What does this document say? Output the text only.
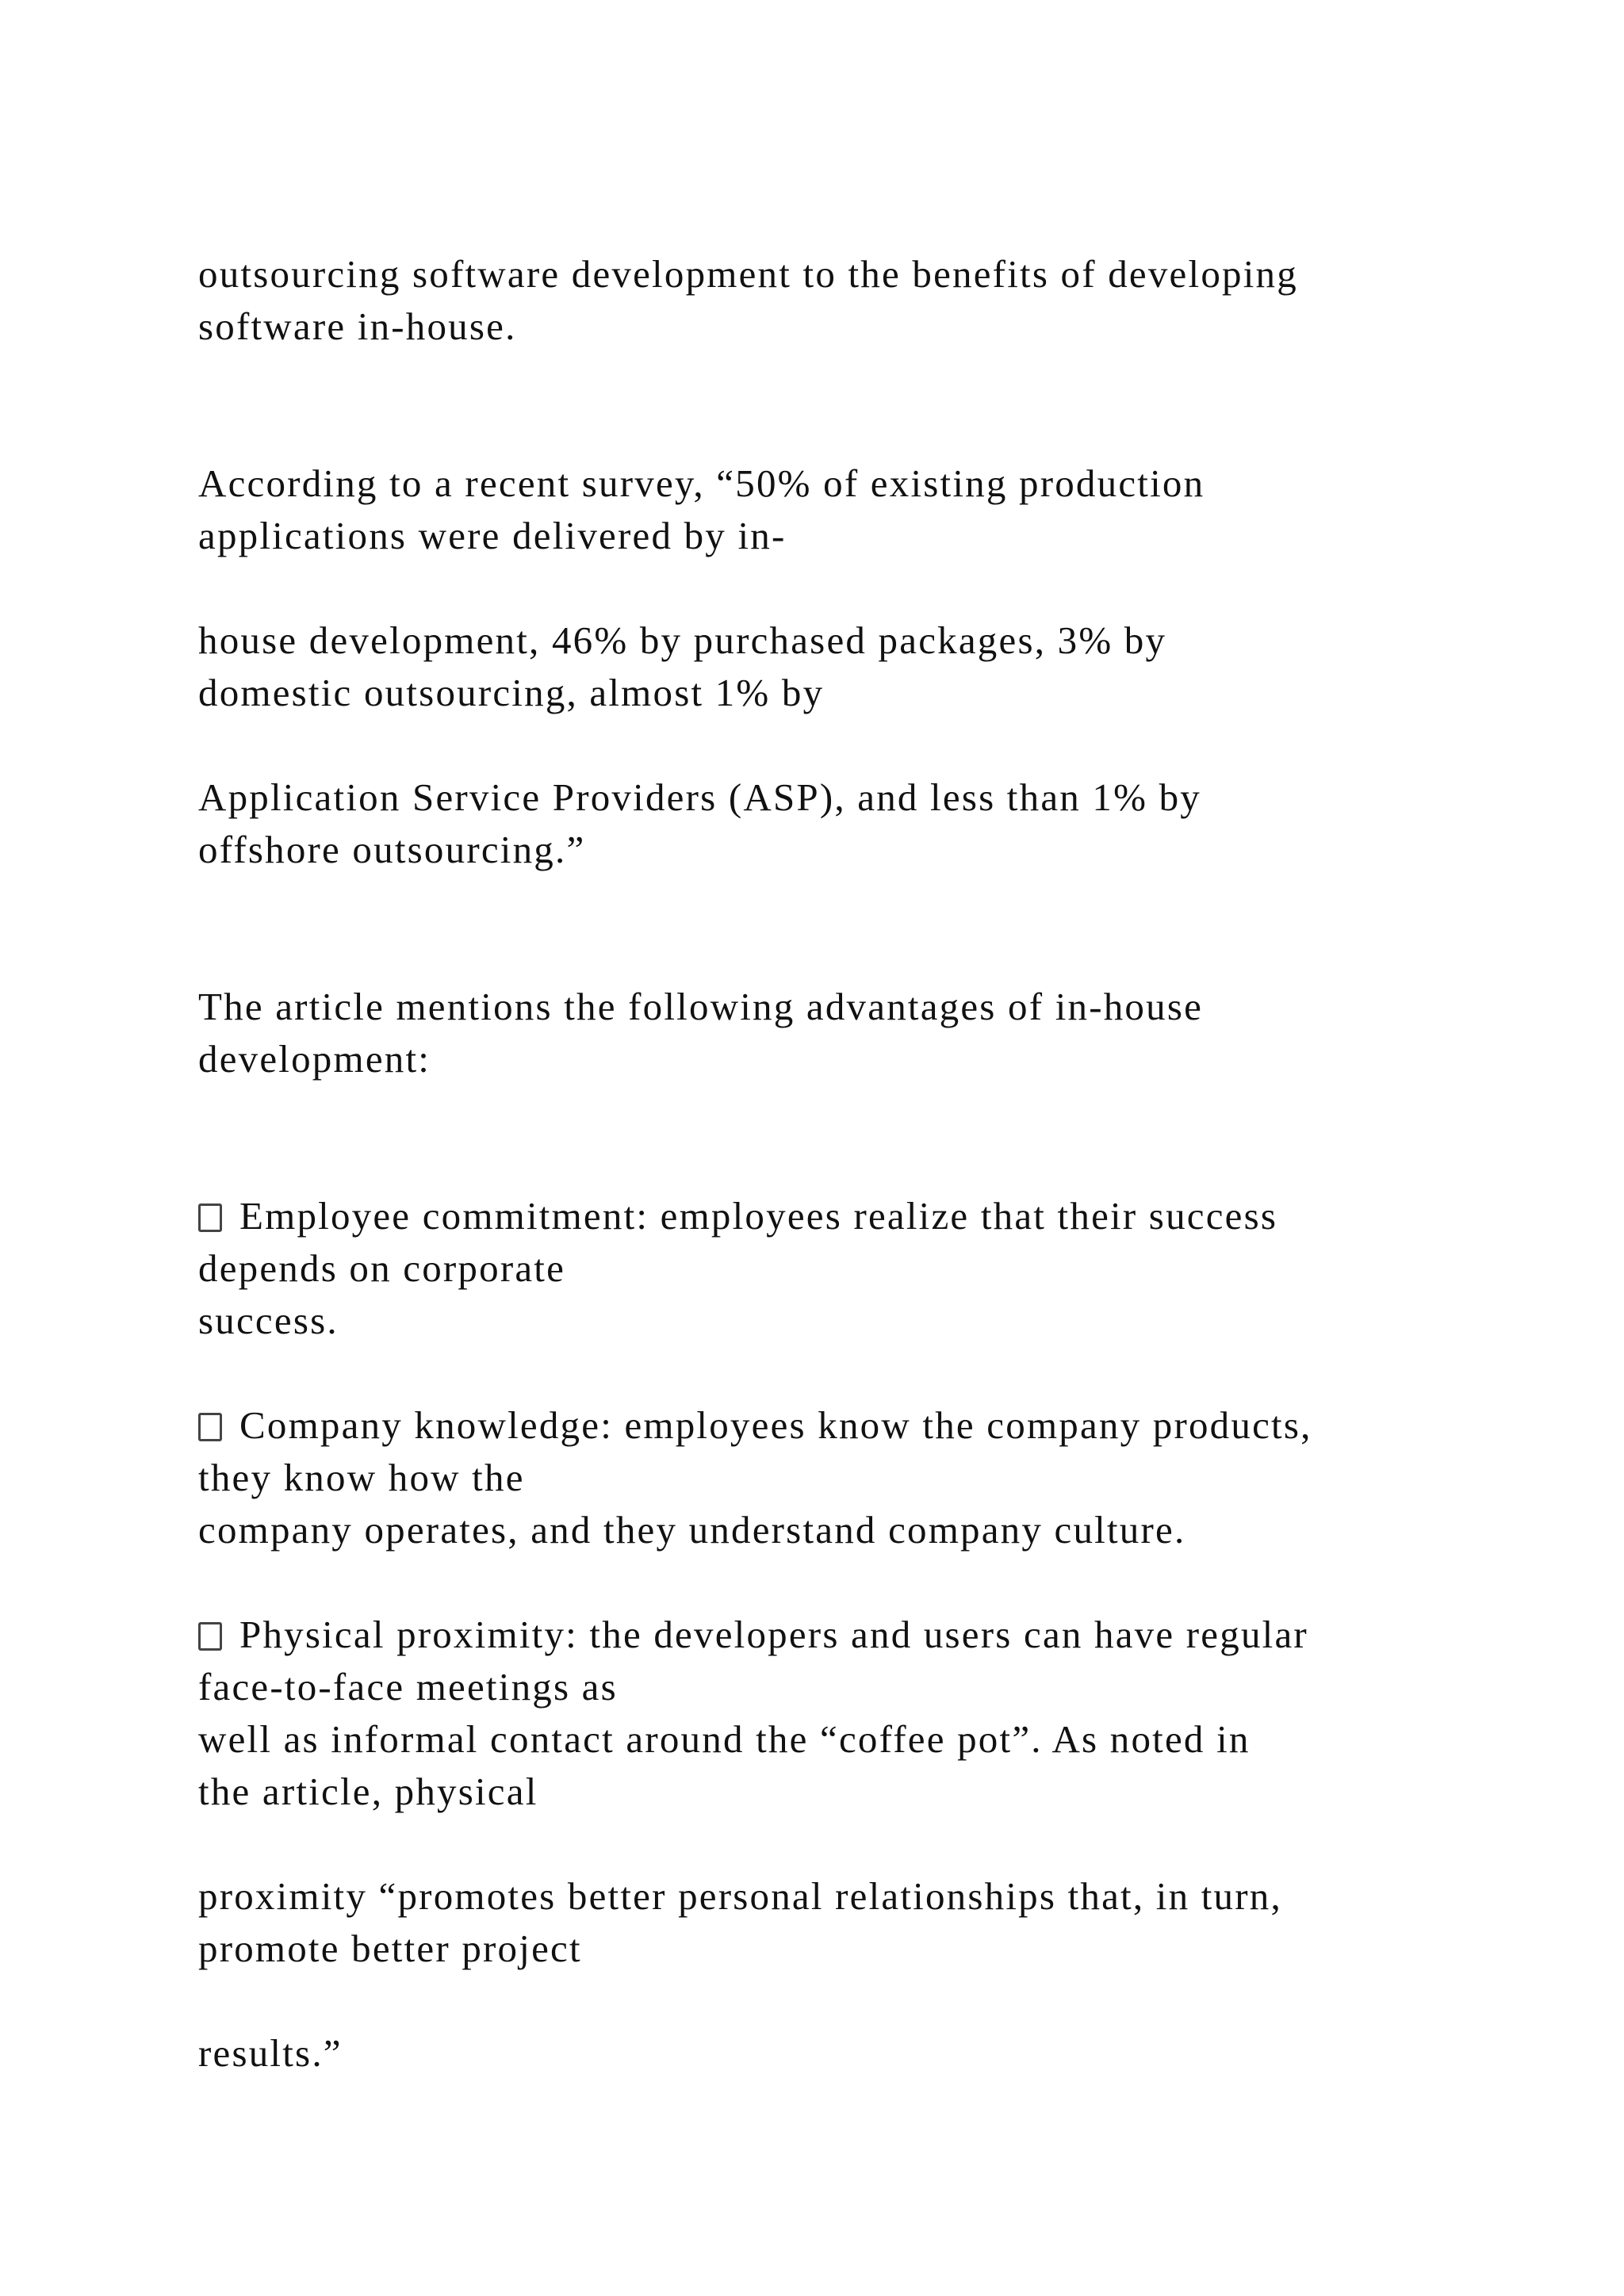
outsourcing software development to the benefits of developing
software in-house.
According to a recent survey, “50% of existing production
applications were delivered by in-
house development, 46% by purchased packages, 3% by
domestic outsourcing, almost 1% by
Application Service Providers (ASP), and less than 1% by
offshore outsourcing.”
The article mentions the following advantages of in-house
development:
Employee commitment: employees realize that their success
depends on corporate
success.
Company knowledge: employees know the company products,
they know how the
company operates, and they understand company culture.
Physical proximity: the developers and users can have regular
face-to-face meetings as
well as informal contact around the “coffee pot”. As noted in
the article, physical
proximity “promotes better personal relationships that, in turn,
promote better project
results.”
